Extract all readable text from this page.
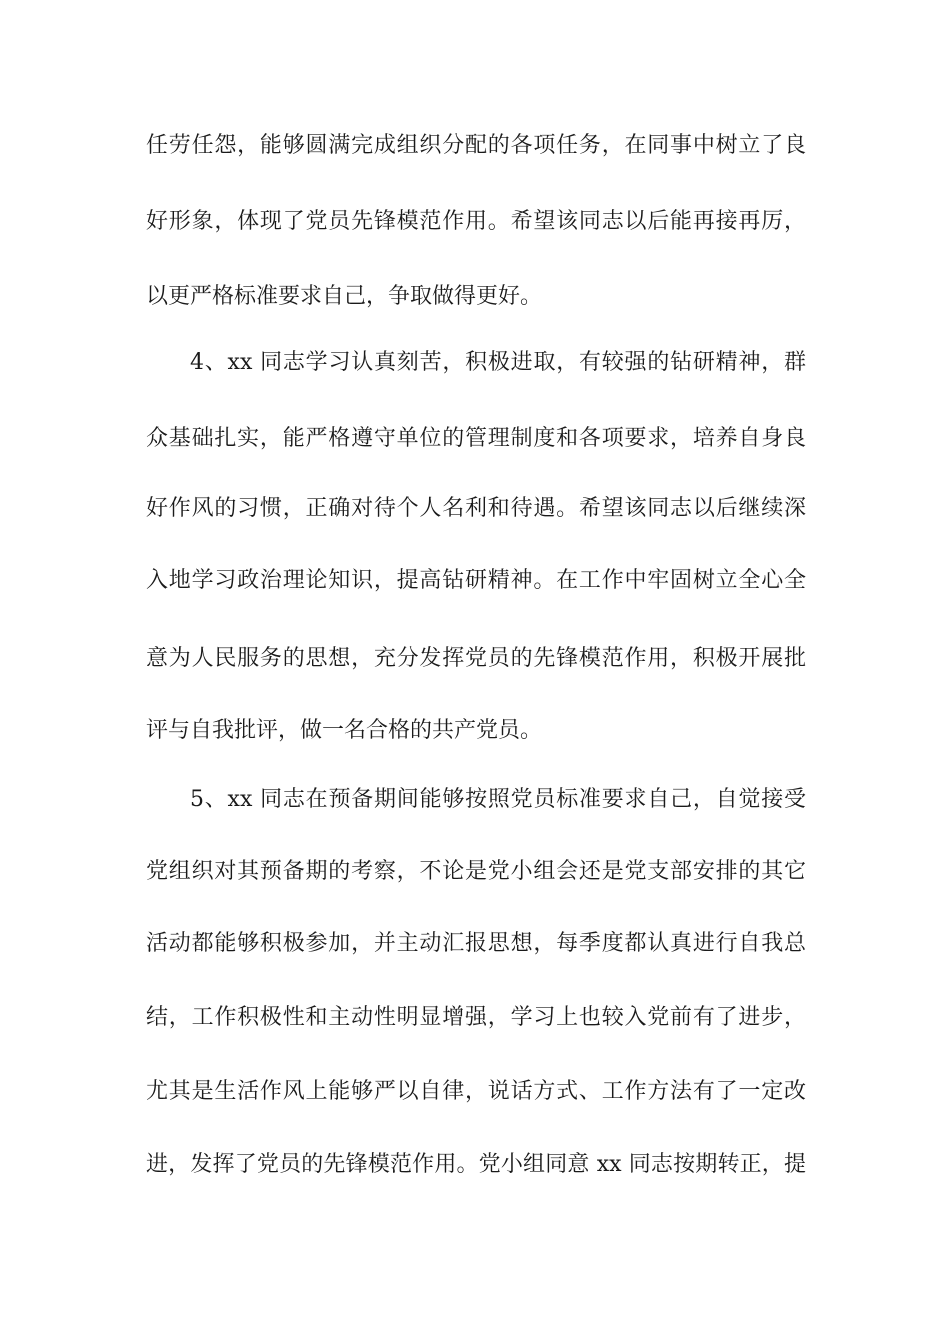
任劳任怨，能够圆满完成组织分配的各项任务，在同事中树立了良
好形象，体现了党员先锋模范作用。希望该同志以后能再接再厉，
以更严格标准要求自己，争取做得更好。
4、xx 同志学习认真刻苦，积极进取，有较强的钻研精神，群
众基础扎实，能严格遵守单位的管理制度和各项要求，培养自身良
好作风的习惯，正确对待个人名利和待遇。希望该同志以后继续深
入地学习政治理论知识，提高钻研精神。在工作中牢固树立全心全
意为人民服务的思想，充分发挥党员的先锋模范作用，积极开展批
评与自我批评，做一名合格的共产党员。
5、xx 同志在预备期间能够按照党员标准要求自己，自觉接受
党组织对其预备期的考察，不论是党小组会还是党支部安排的其它
活动都能够积极参加，并主动汇报思想，每季度都认真进行自我总
结，工作积极性和主动性明显增强，学习上也较入党前有了进步，
尤其是生活作风上能够严以自律，说话方式、工作方法有了一定改
进，发挥了党员的先锋模范作用。党小组同意 xx 同志按期转正，提
